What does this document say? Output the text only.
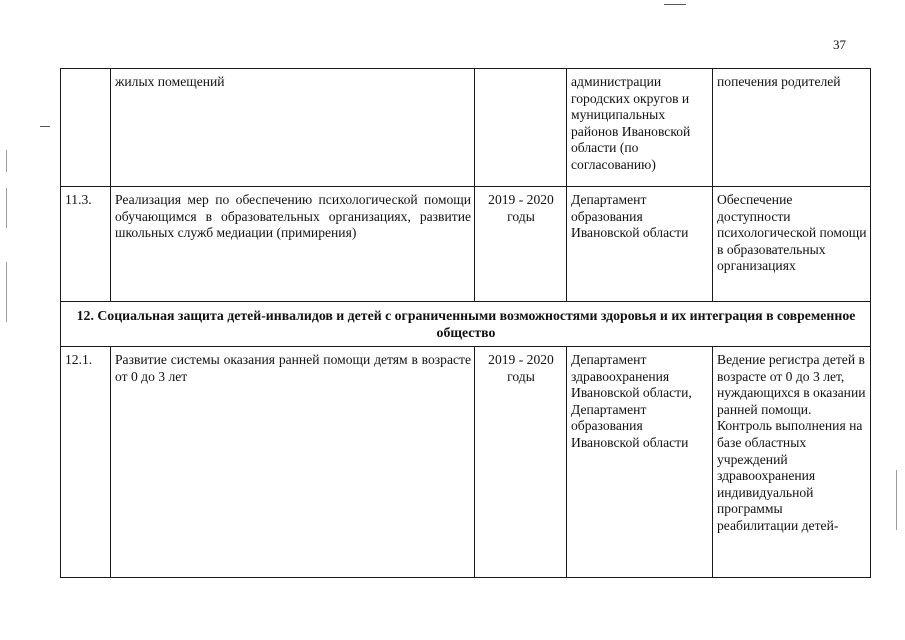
37
	жилых помещений		администрации городских округов и муниципальных районов Ивановской области (по согласованию)	попечения родителей
11.3.	Реализация мер по обеспечению психологической помощи обучающимся в образовательных организациях, развитие школьных служб медиации (примирения)	2019 - 2020 годы	Департамент образования Ивановской области	Обеспечение доступности психологической помощи в образовательных организациях
12. Социальная защита детей-инвалидов и детей с ограниченными возможностями здоровья и их интеграция в современное общество				
12.1.	Развитие системы оказания ранней помощи детям в возрасте от 0 до 3 лет	2019 - 2020 годы	Департамент здравоохранения Ивановской области, Департамент образования Ивановской области	Ведение регистра детей в возрасте от 0 до 3 лет, нуждающихся в оказании ранней помощи. Контроль выполнения на базе областных учреждений здравоохранения индивидуальной программы реабилитации детей-
